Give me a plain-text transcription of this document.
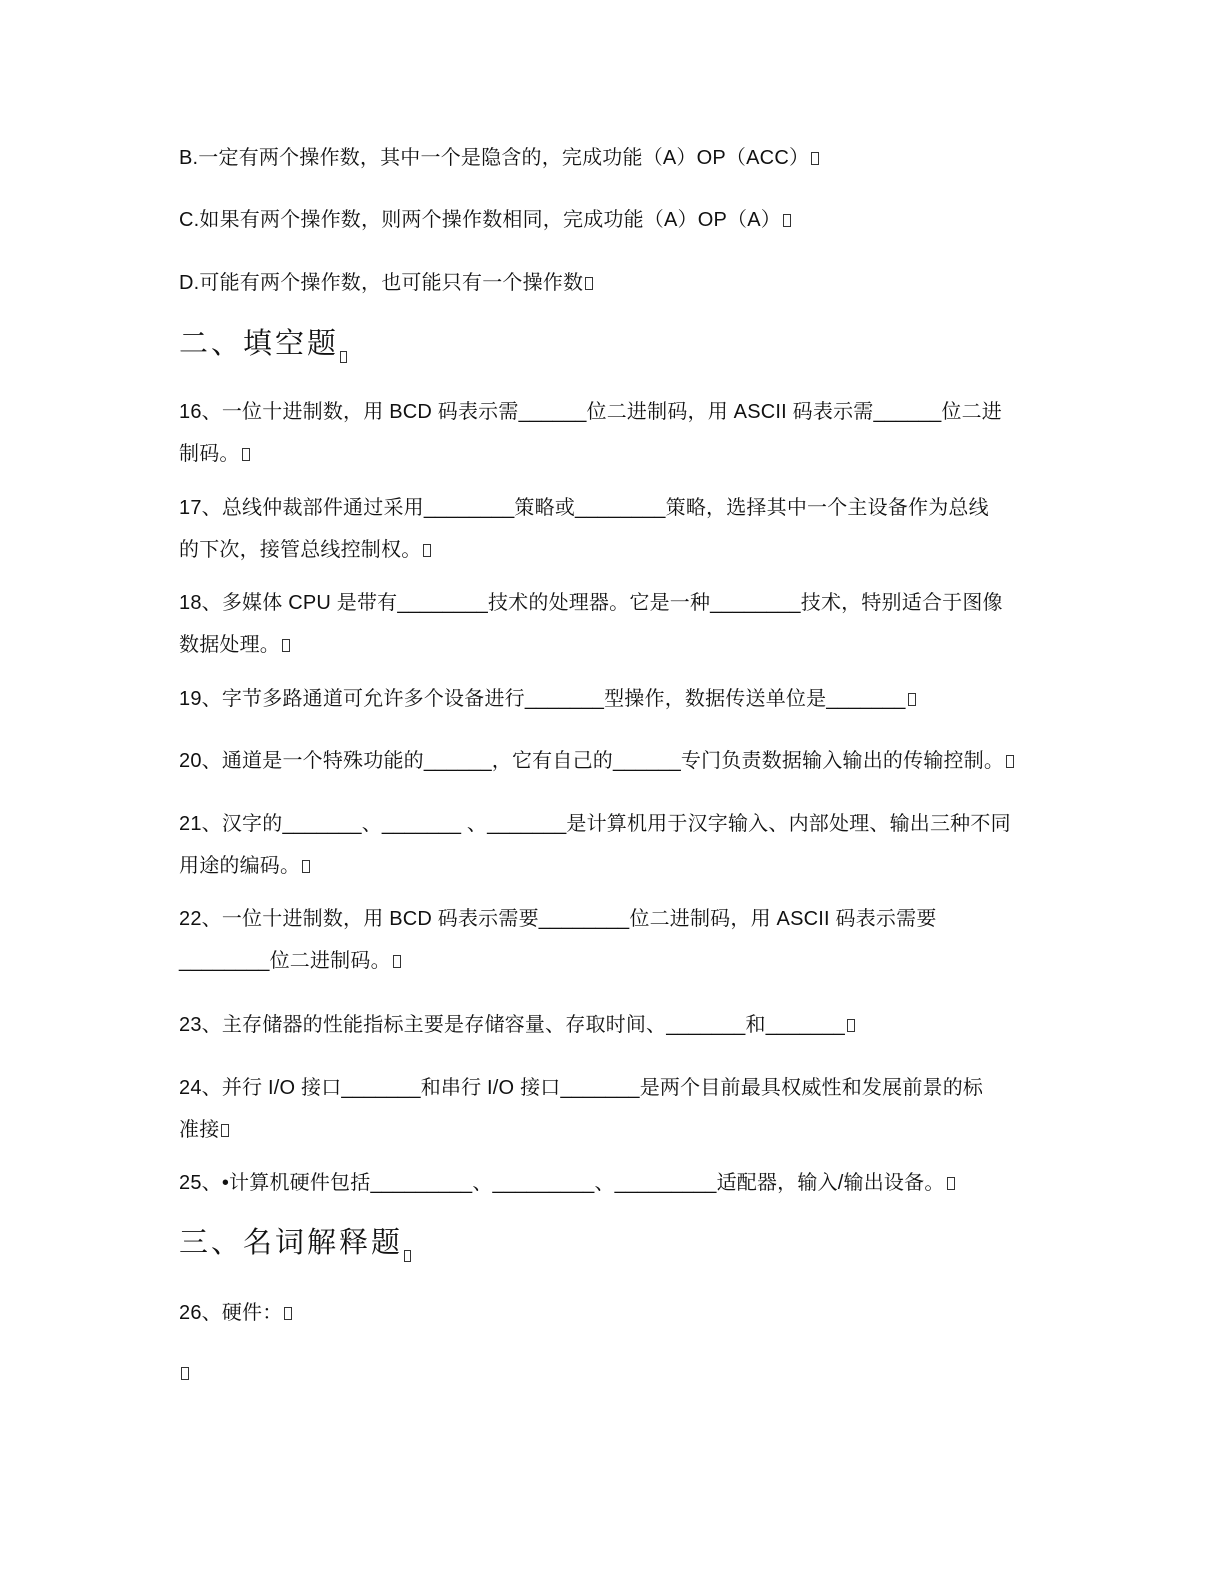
B.一定有两个操作数，其中一个是隐含的，完成功能（A）OP（ACC）

C.如果有两个操作数，则两个操作数相同，完成功能（A）OP（A）

D.可能有两个操作数，也可能只有一个操作数

二、填空题

16、一位十进制数，用 BCD 码表示需______位二进制码，用 ASCII 码表示需______位二进

制码。

17、总线仲裁部件通过采用________策略或________策略，选择其中一个主设备作为总线

的下次，接管总线控制权。

18、多媒体 CPU 是带有________技术的处理器。它是一种________技术，特别适合于图像

数据处理。

19、字节多路通道可允许多个设备进行_______型操作，数据传送单位是_______

20、通道是一个特殊功能的______，它有自己的______专门负责数据输入输出的传输控制。

21、汉字的_______、_______ 、_______是计算机用于汉字输入、内部处理、输出三种不同

用途的编码。

22、一位十进制数，用 BCD 码表示需要________位二进制码，用 ASCII 码表示需要

________位二进制码。

23、主存储器的性能指标主要是存储容量、存取时间、_______和_______

24、并行 I/O 接口_______和串行 I/O 接口_______是两个目前最具权威性和发展前景的标

准接

25、•计算机硬件包括_________、_________、_________适配器，输入/输出设备。

三、名词解释题

26、硬件：
